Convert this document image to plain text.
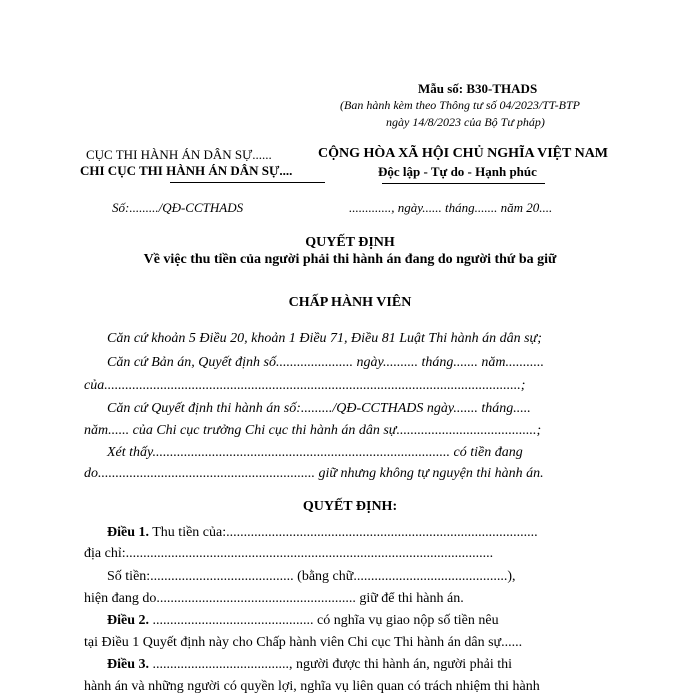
Mẫu số: B30-THADS
(Ban hành kèm theo Thông tư số 04/2023/TT-BTP
ngày 14/8/2023 của Bộ Tư pháp)
CỤC THI HÀNH ÁN DÂN SỰ......
CHI CỤC THI HÀNH ÁN DÂN SỰ....
CỘNG HÒA XÃ HỘI CHỦ NGHĨA VIỆT NAM
Độc lập - Tự do - Hạnh phúc
Số:........./QĐ-CCTHADS	............., ngày...... tháng....... năm 20....
QUYẾT ĐỊNH
Về việc thu tiền của người phải thi hành án đang do người thứ ba giữ
CHẤP HÀNH VIÊN
Căn cứ khoản 5 Điều 20, khoản 1 Điều 71, Điều 81 Luật Thi hành án dân sự;
Căn cứ Bản án, Quyết định số...................... ngày.......... tháng....... năm...........
của.......................................................................................................................;
Căn cứ Quyết định thi hành án số:........./QĐ-CCTHADS ngày....... tháng.....
năm...... của Chi cục trưởng Chi cục thi hành án dân sự........................................;
Xét thấy..................................................................................... có tiền đang
do.............................................................. giữ nhưng không tự nguyện thi hành án.
QUYẾT ĐỊNH:
Điều 1. Thu tiền của:.........................................................................................
địa chỉ:.........................................................................................................
Số tiền:......................................... (bằng chữ............................................),
hiện đang do......................................................... giữ để thi hành án.
Điều 2. .............................................. có nghĩa vụ giao nộp số tiền nêu
tại Điều 1 Quyết định này cho Chấp hành viên Chi cục Thi hành án dân sự......
Điều 3. ......................................., người được thi hành án, người phải thi
hành án và những người có quyền lợi, nghĩa vụ liên quan có trách nhiệm thi hành
